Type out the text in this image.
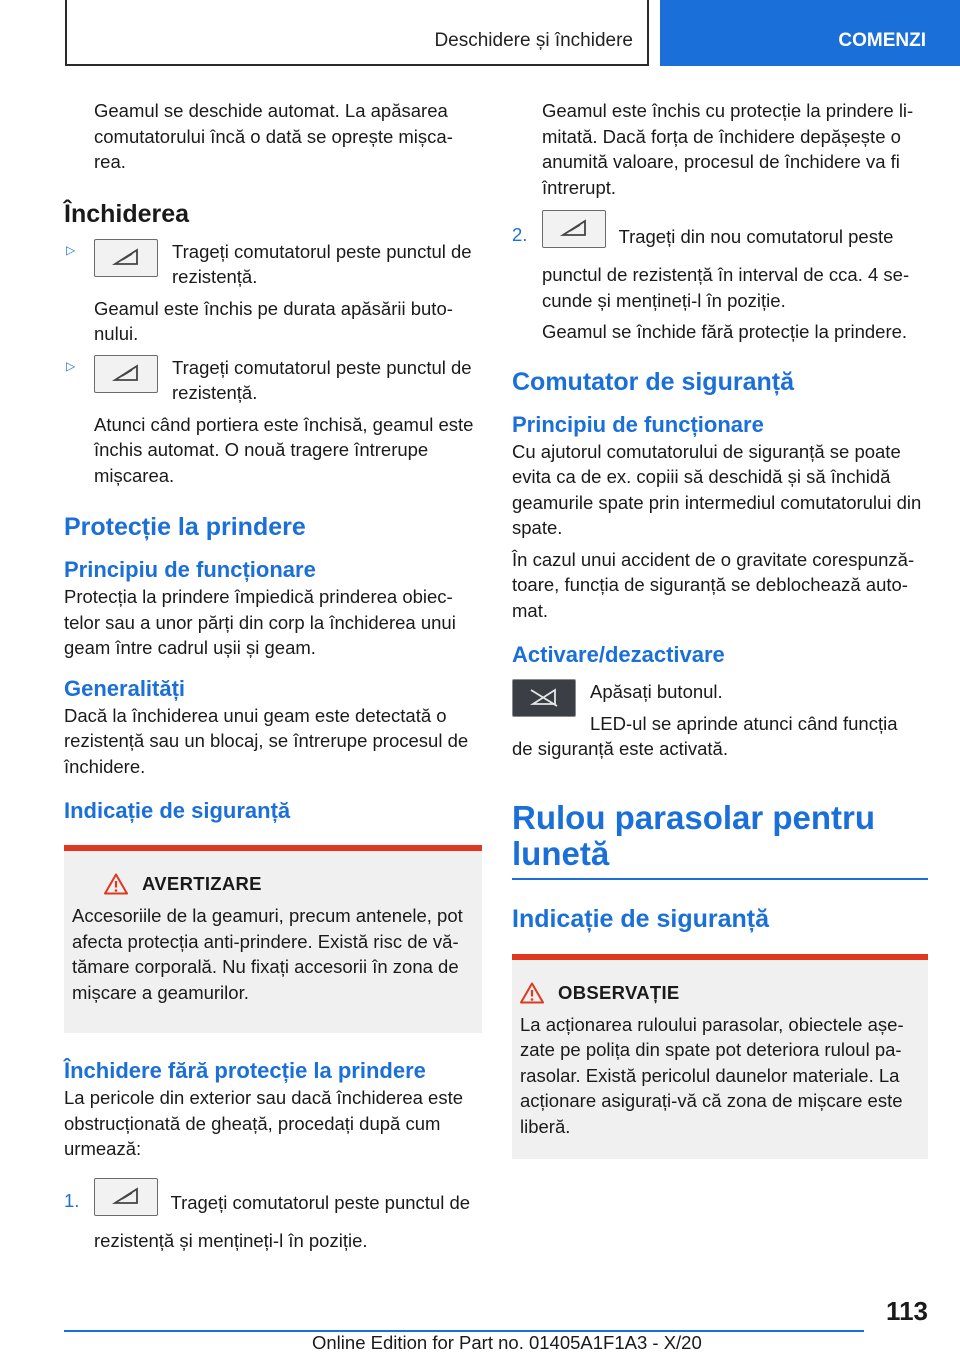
Deschidere și închidere	COMENZI

Geamul se deschide automat. La apăsarea comutatorului încă o dată se oprește mișca-rea.

Închiderea
▷	Trageți comutatorul peste punctul de rezistență.

Geamul este închis pe durata apăsării buto-nului.

▷	Trageți comutatorul peste punctul de rezistență.

Atunci când portiera este închisă, geamul este închis automat. O nouă tragere întrerupe mișcarea.

Protecție la prindere
Principiu de funcționare

Protecția la prindere împiedică prinderea obiec-telor sau a unor părți din corp la închiderea unui geam între cadrul ușii și geam.

Generalități

Dacă la închiderea unui geam este detectată o rezistență sau un blocaj, se întrerupe procesul de închidere.

Indicație de siguranță
AVERTIZARE

Accesoriile de la geamuri, precum antenele, pot afecta protecția anti-prindere. Există risc de vă-tămare corporală. Nu fixați accesorii în zona de mișcare a geamurilor.

Închidere fără protecție la prindere

La pericole din exterior sau dacă închiderea este obstrucționată de gheață, procedați după cum urmează:

1.
	Trageți comutatorul peste punctul de rezistență și mențineți-l în poziție.

Geamul este închis cu protecție la prindere li-mitată. Dacă forța de închidere depășește o anumită valoare, procesul de închidere va fi întrerupt.

2.
	Trageți din nou comutatorul peste punctul de rezistență în interval de cca. 4 se-cunde și mențineți-l în poziție.

Geamul se închide fără protecție la prindere.

Comutator de siguranță
Principiu de funcționare

Cu ajutorul comutatorului de siguranță se poate evita ca de ex. copiii să deschidă și să închidă geamurile spate prin intermediul comutatorului din spate.

În cazul unui accident de o gravitate corespunză-toare, funcția de siguranță se deblochează auto-mat.

Activare/dezactivare

Apăsați butonul.

LED-ul se aprinde atunci când funcția

de siguranță este activată.

Rulou parasolar pentru lunetă
Indicație de siguranță
OBSERVAȚIE

La acționarea ruloului parasolar, obiectele așe-zate pe polița din spate pot deteriora ruloul pa-rasolar. Există pericolul daunelor materiale. La acționare asigurați-vă că zona de mișcare este liberă.

113
Online Edition for Part no. 01405A1F1A3 - X/20
